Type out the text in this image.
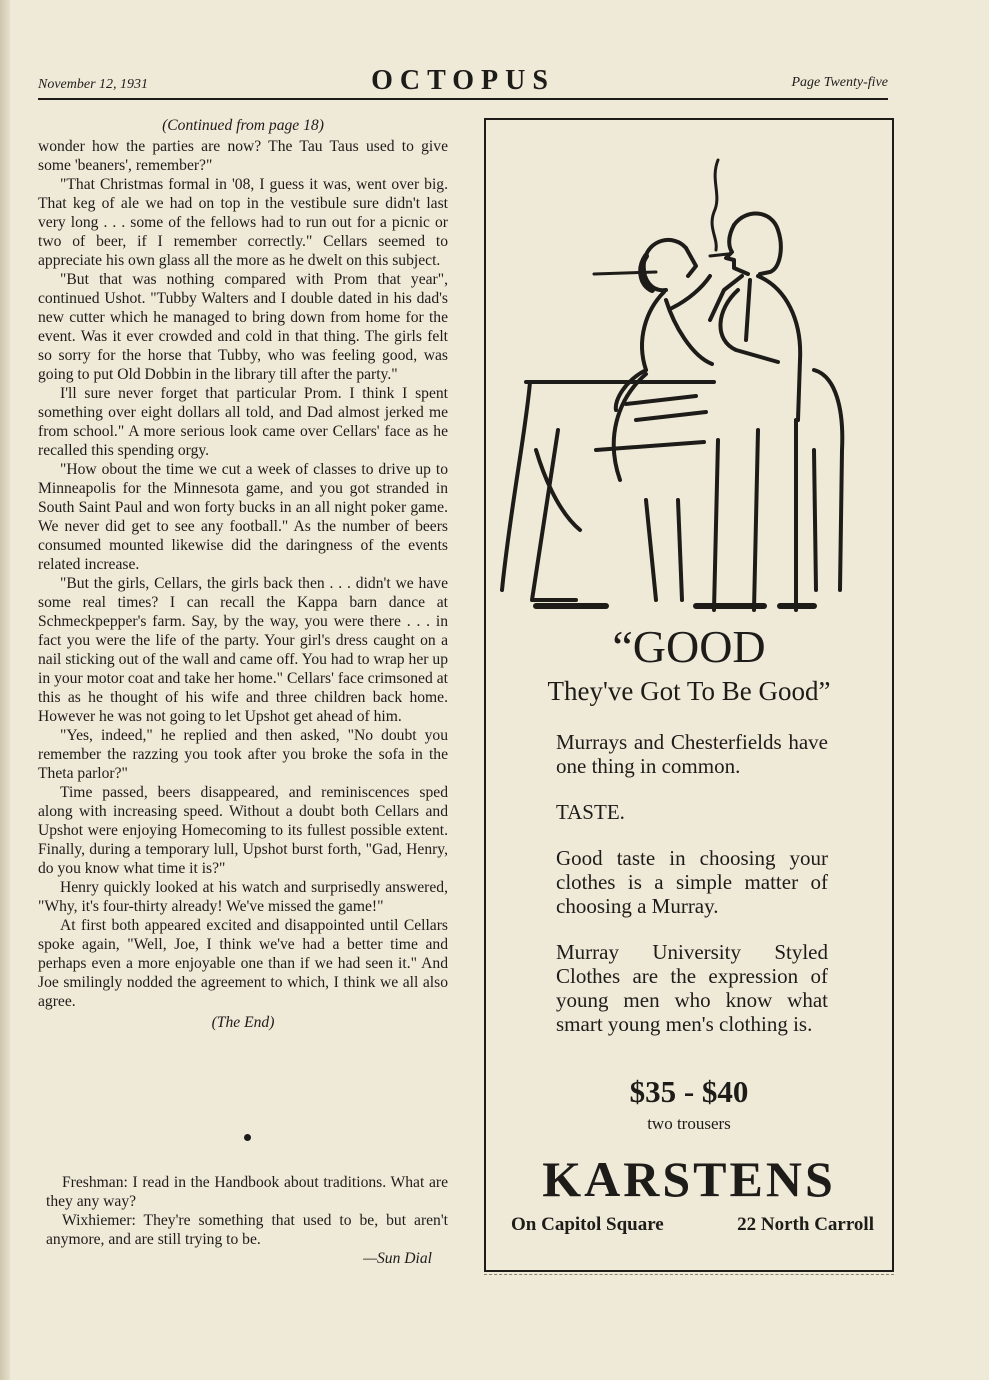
November 12, 1931	OCTOPUS	Page Twenty-five
(Continued from page 18)

wonder how the parties are now? The Tau Taus used to give some 'beaners', remember?"

"That Christmas formal in '08, I guess it was, went over big. That keg of ale we had on top in the vestibule sure didn't last very long . . . some of the fellows had to run out for a picnic or two of beer, if I remember correctly." Cellars seemed to appreciate his own glass all the more as he dwelt on this subject.

"But that was nothing compared with Prom that year", continued Ushot. "Tubby Walters and I double dated in his dad's new cutter which he managed to bring down from home for the event. Was it ever crowded and cold in that thing. The girls felt so sorry for the horse that Tubby, who was feeling good, was going to put Old Dobbin in the library till after the party."

I'll sure never forget that particular Prom. I think I spent something over eight dollars all told, and Dad almost jerked me from school." A more serious look came over Cellars' face as he recalled this spending orgy.

"How obout the time we cut a week of classes to drive up to Minneapolis for the Minnesota game, and you got stranded in South Saint Paul and won forty bucks in an all night poker game. We never did get to see any football." As the number of beers consumed mounted likewise did the daringness of the events related increase.

"But the girls, Cellars, the girls back then . . . didn't we have some real times? I can recall the Kappa barn dance at Schmeckpepper's farm. Say, by the way, you were there . . . in fact you were the life of the party. Your girl's dress caught on a nail sticking out of the wall and came off. You had to wrap her up in your motor coat and take her home." Cellars' face crimsoned at this as he thought of his wife and three children back home. However he was not going to let Upshot get ahead of him.

"Yes, indeed," he replied and then asked, "No doubt you remember the razzing you took after you broke the sofa in the Theta parlor?"

Time passed, beers disappeared, and reminiscences sped along with increasing speed. Without a doubt both Cellars and Upshot were enjoying Homecoming to its fullest possible extent. Finally, during a temporary lull, Upshot burst forth, "Gad, Henry, do you know what time it is?"

Henry quickly looked at his watch and surprisedly answered, "Why, it's four-thirty already! We've missed the game!"

At first both appeared excited and disappointed until Cellars spoke again, "Well, Joe, I think we've had a better time and perhaps even a more enjoyable one than if we had seen it." And Joe smilingly nodded the agreement to which, I think we all also agree.

(The End)

Freshman: I read in the Handbook about traditions. What are they any way?

Wixhiemer: They're something that used to be, but aren't anymore, and are still trying to be.

—Sun Dial
“GOOD
They've Got To Be Good”

Murrays and Chesterfields have one thing in common.

TASTE.

Good taste in choosing your clothes is a simple matter of choosing a Murray.

Murray University Styled Clothes are the expression of young men who know what smart young men's clothing is.

$35 - $40
two trousers
KARSTENS
On Capitol Square	22 North Carroll
